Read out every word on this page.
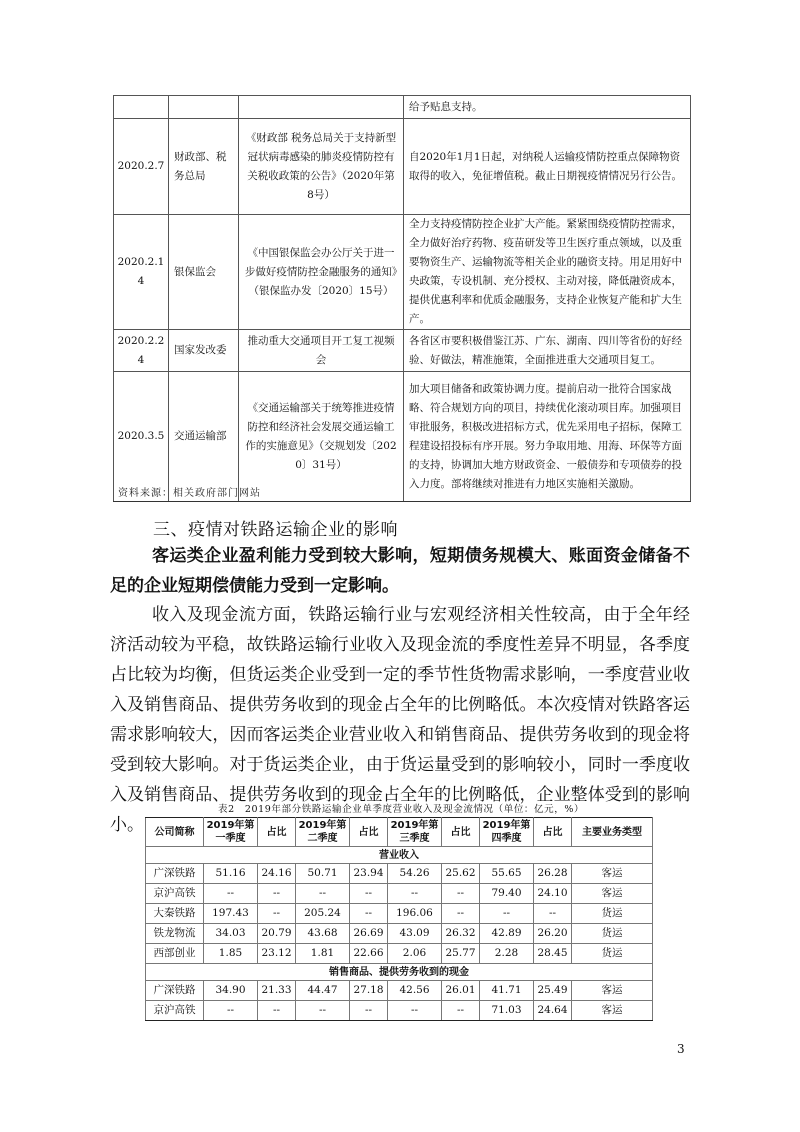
			给予贴息支持。
2020.2.7	财政部、税务总局	《财政部 税务总局关于支持新型冠状病毒感染的肺炎疫情防控有关税收政策的公告》（2020年第8号）	自2020年1月1日起，对纳税人运输疫情防控重点保障物资取得的收入，免征增值税。截止日期视疫情情况另行公告。
2020.2.14	银保监会	《中国银保监会办公厅关于进一步做好疫情防控金融服务的通知》（银保监办发〔2020〕15号）	全力支持疫情防控企业扩大产能。紧紧围绕疫情防控需求，全力做好治疗药物、疫苗研发等卫生医疗重点领域，以及重要物资生产、运输物流等相关企业的融资支持。用足用好中央政策，专设机制、充分授权、主动对接，降低融资成本，提供优惠利率和优质金融服务，支持企业恢复产能和扩大生产。
2020.2.24	国家发改委	推动重大交通项目开工复工视频会	各省区市要积极借鉴江苏、广东、湖南、四川等省份的好经验、好做法，精准施策，全面推进重大交通项目复工。
2020.3.5	交通运输部	《交通运输部关于统筹推进疫情防控和经济社会发展交通运输工作的实施意见》（交规划发〔2020〕31号）	加大项目储备和政策协调力度。提前启动一批符合国家战略、符合规划方向的项目，持续优化滚动项目库。加强项目审批服务，积极改进招标方式，优先采用电子招标，保障工程建设招投标有序开展。努力争取用地、用海、环保等方面的支持，协调加大地方财政资金、一般债券和专项债券的投入力度。部将继续对推进有力地区实施相关激励。
资料来源：相关政府部门网站
三、疫情对铁路运输企业的影响
客运类企业盈利能力受到较大影响，短期债务规模大、账面资金储备不足的企业短期偿债能力受到一定影响。
收入及现金流方面，铁路运输行业与宏观经济相关性较高，由于全年经济活动较为平稳，故铁路运输行业收入及现金流的季度性差异不明显，各季度占比较为均衡，但货运类企业受到一定的季节性货物需求影响，一季度营业收入及销售商品、提供劳务收到的现金占全年的比例略低。本次疫情对铁路客运需求影响较大，因而客运类企业营业收入和销售商品、提供劳务收到的现金将受到较大影响。对于货运类企业，由于货运量受到的影响较小，同时一季度收入及销售商品、提供劳务收到的现金占全年的比例略低，企业整体受到的影响小。
表2　2019年部分铁路运输企业单季度营业收入及现金流情况（单位：亿元，%）
公司简称	2019年第一季度	占比	2019年第二季度	占比	2019年第三季度	占比	2019年第四季度	占比	主要业务类型
营业收入									
广深铁路	51.16	24.16	50.71	23.94	54.26	25.62	55.65	26.28	客运
京沪高铁	--	--	--	--	--	--	79.40	24.10	客运
大秦铁路	197.43	--	205.24	--	196.06	--	--	--	货运
铁龙物流	34.03	20.79	43.68	26.69	43.09	26.32	42.89	26.20	货运
西部创业	1.85	23.12	1.81	22.66	2.06	25.77	2.28	28.45	货运
销售商品、提供劳务收到的现金									
广深铁路	34.90	21.33	44.47	27.18	42.56	26.01	41.71	25.49	客运
京沪高铁	--	--	--	--	--	--	71.03	24.64	客运
3
